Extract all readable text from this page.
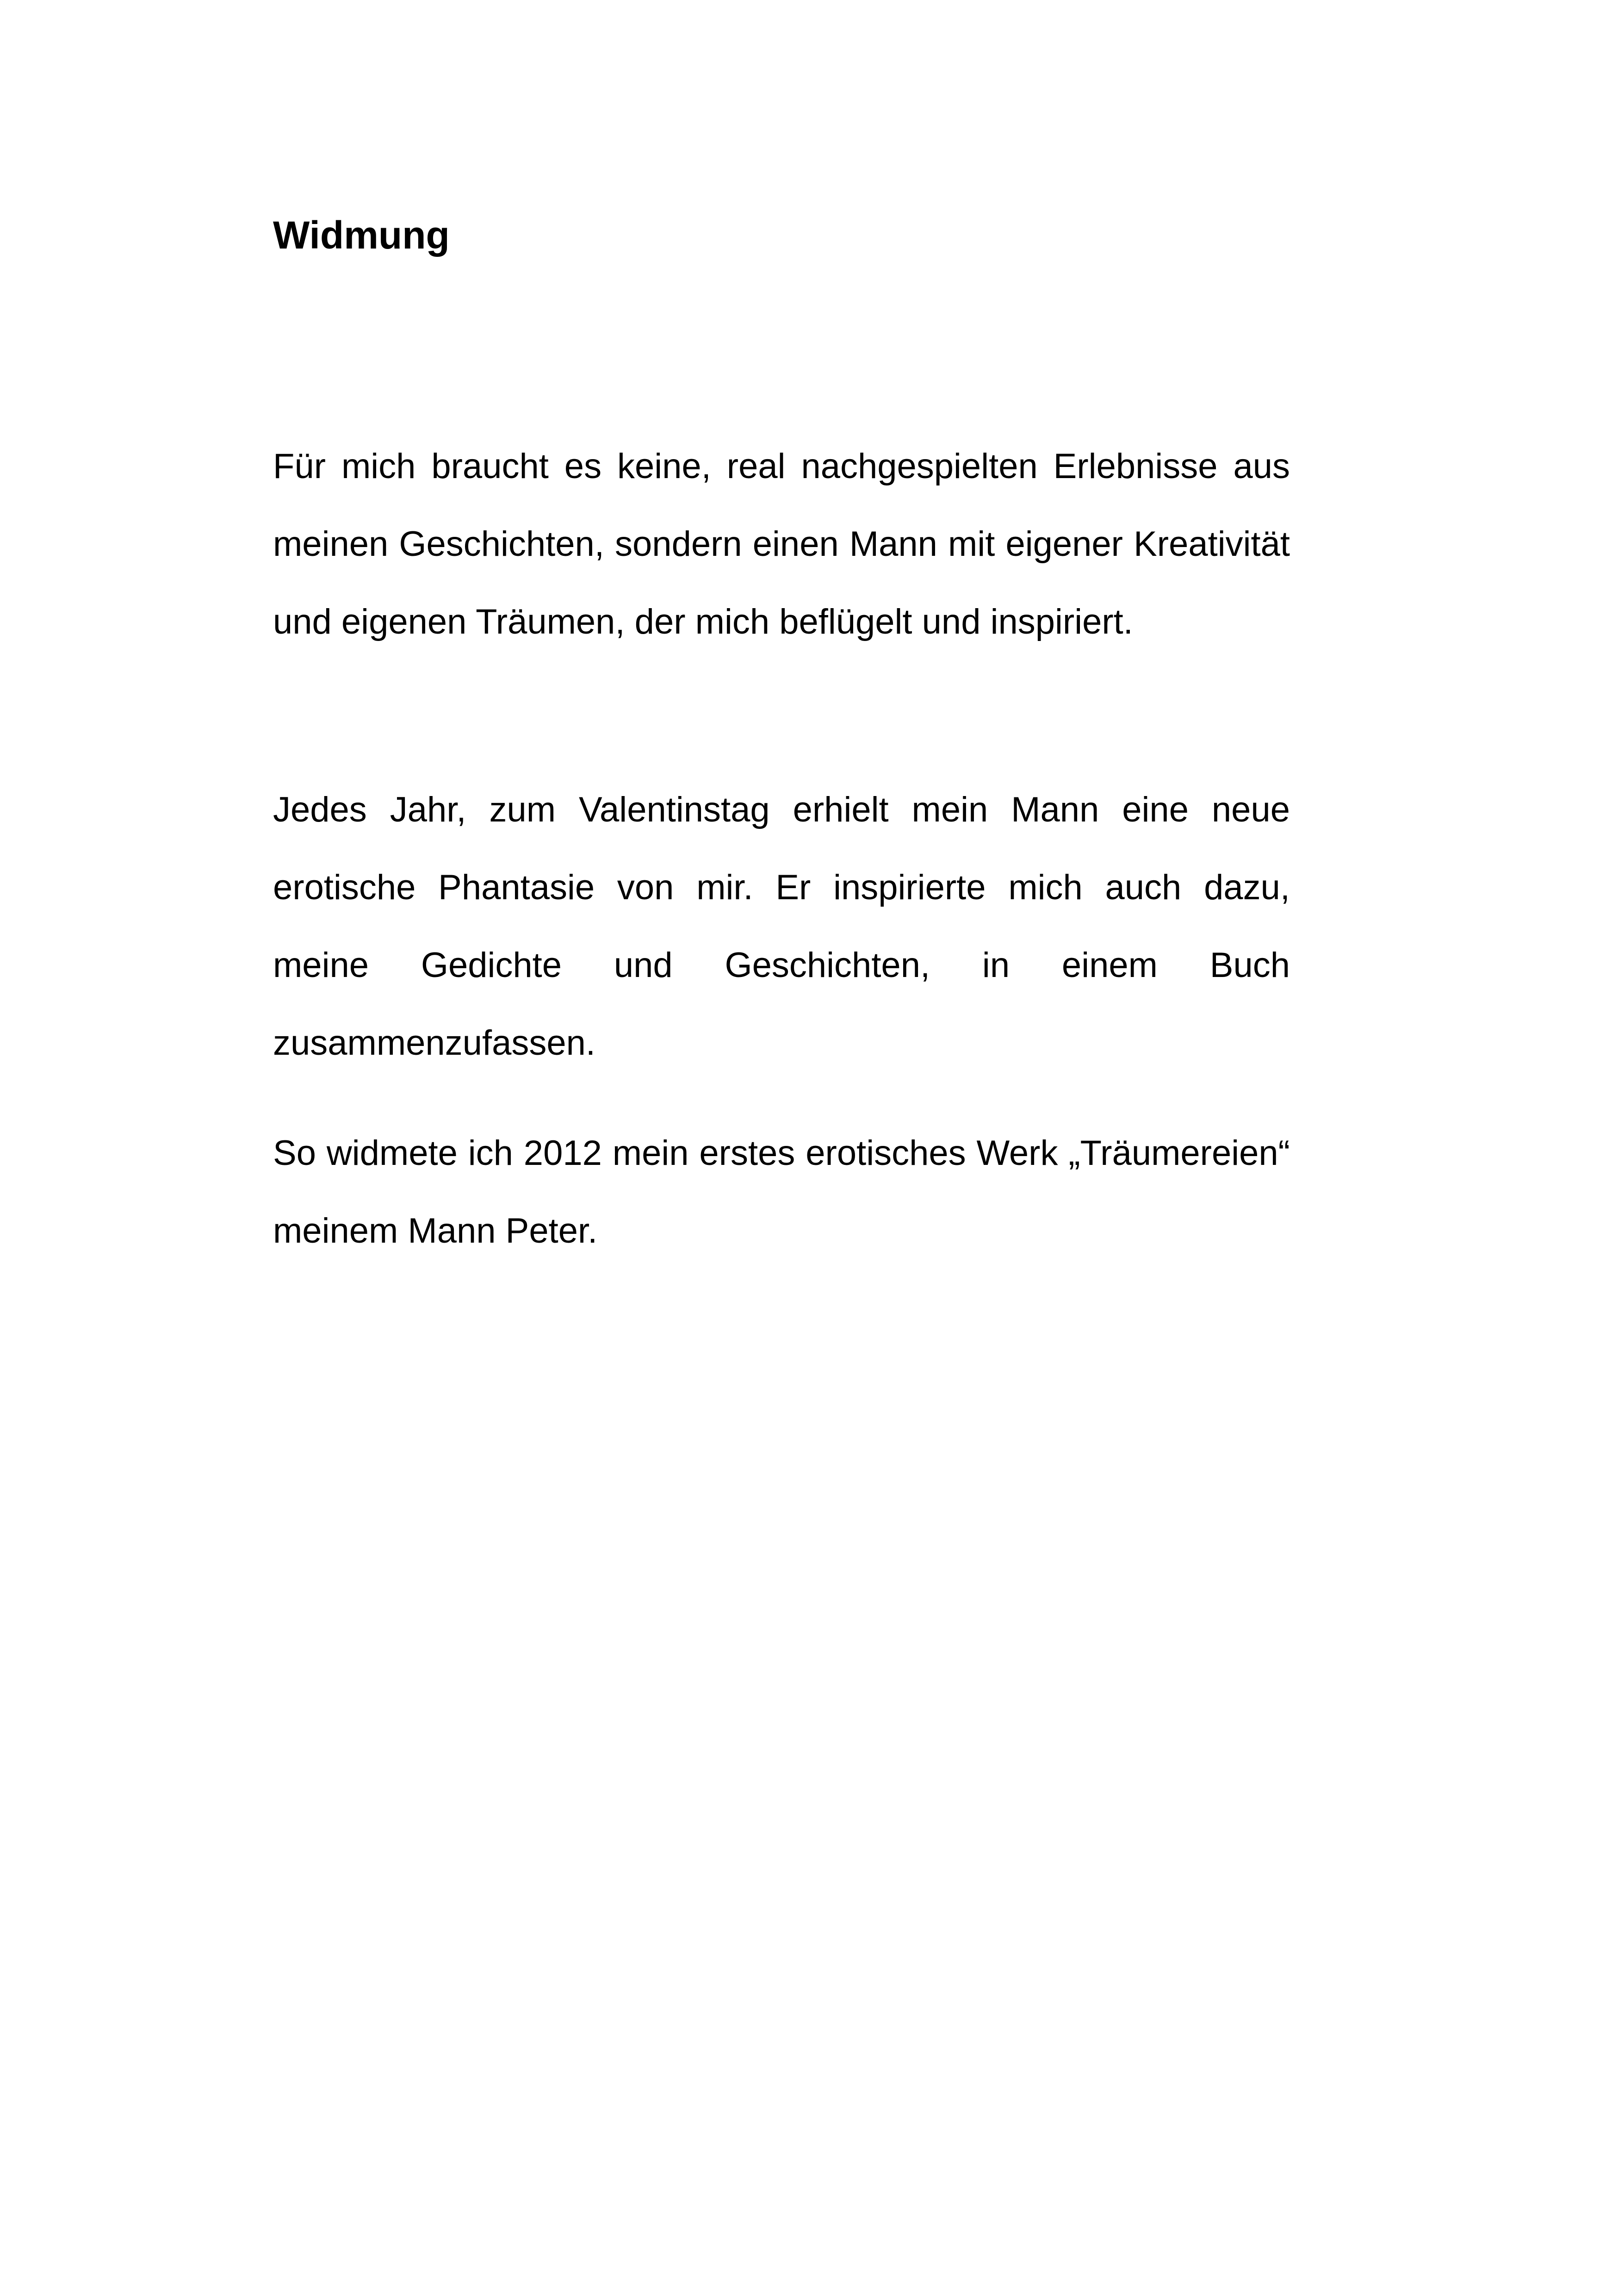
Widmung

Für mich braucht es keine, real nachgespielten Erlebnisse aus meinen Geschichten, sondern einen Mann mit eigener Kreativität und eigenen Träumen, der mich beflügelt und inspiriert.

Jedes Jahr, zum Valentinstag erhielt mein Mann eine neue erotische Phantasie von mir. Er inspirierte mich auch dazu, meine Gedichte und Geschichten, in einem Buch zusammenzufassen.

So widmete ich 2012 mein erstes erotisches Werk „Träumereien“ meinem Mann Peter.
